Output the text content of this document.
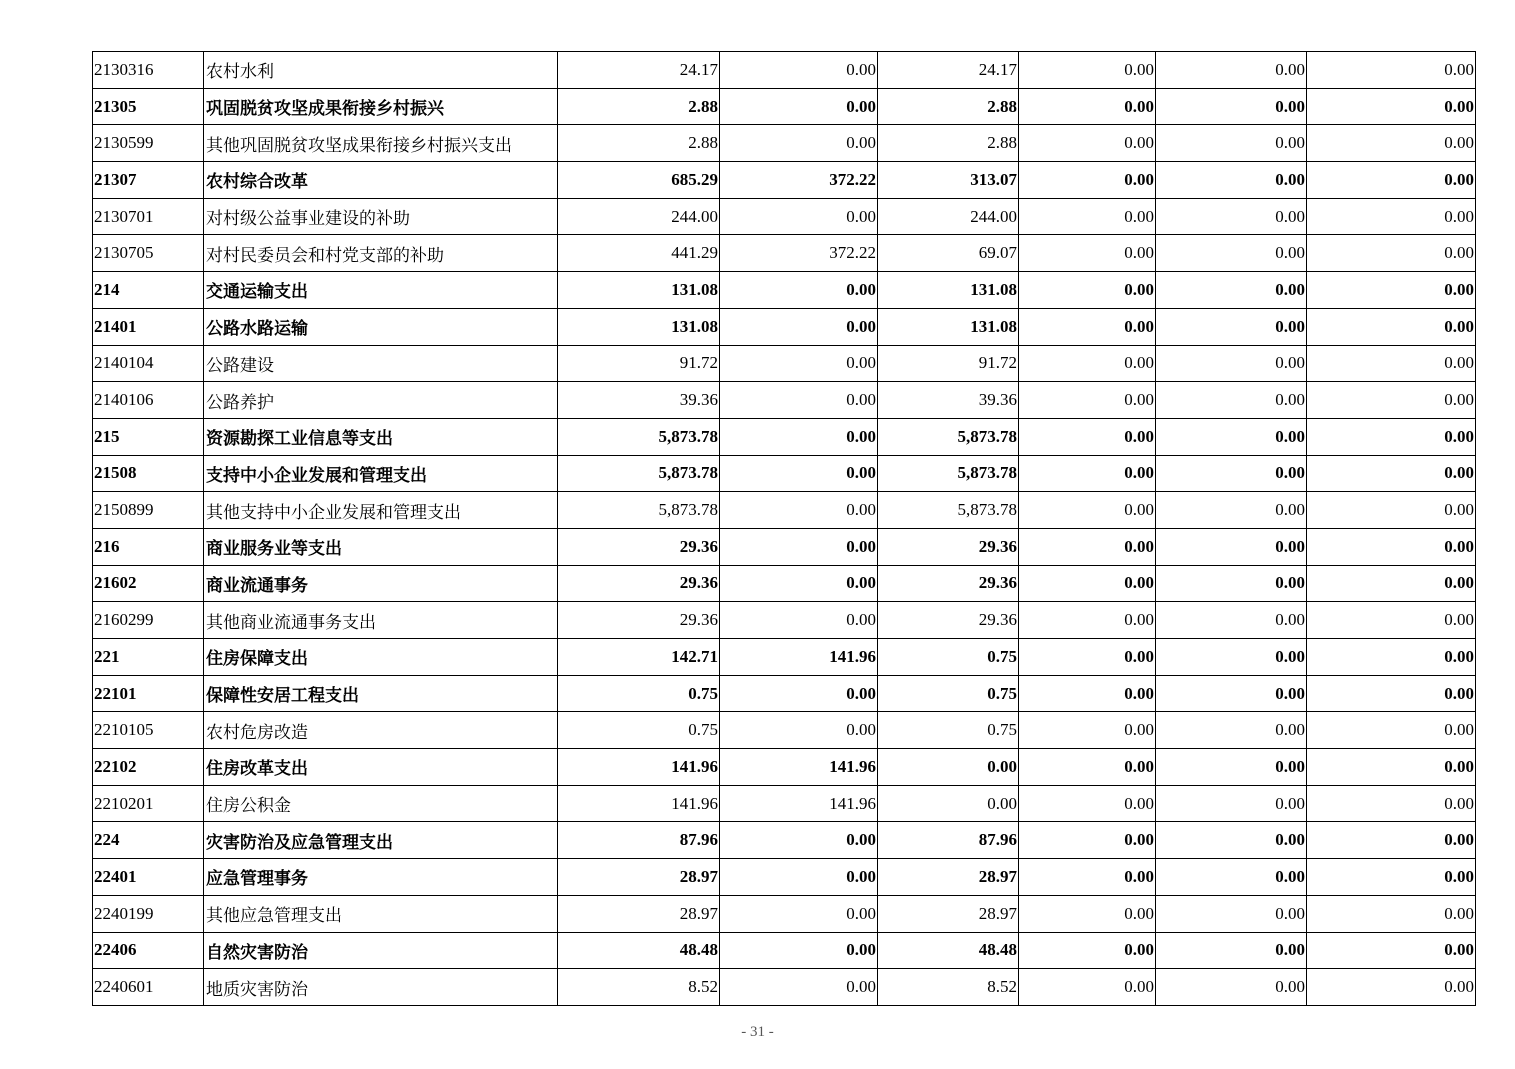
2130316	农村水利	24.17	0.00	24.17	0.00	0.00	0.00
21305	巩固脱贫攻坚成果衔接乡村振兴	2.88	0.00	2.88	0.00	0.00	0.00
2130599	其他巩固脱贫攻坚成果衔接乡村振兴支出	2.88	0.00	2.88	0.00	0.00	0.00
21307	农村综合改革	685.29	372.22	313.07	0.00	0.00	0.00
2130701	对村级公益事业建设的补助	244.00	0.00	244.00	0.00	0.00	0.00
2130705	对村民委员会和村党支部的补助	441.29	372.22	69.07	0.00	0.00	0.00
214	交通运输支出	131.08	0.00	131.08	0.00	0.00	0.00
21401	公路水路运输	131.08	0.00	131.08	0.00	0.00	0.00
2140104	公路建设	91.72	0.00	91.72	0.00	0.00	0.00
2140106	公路养护	39.36	0.00	39.36	0.00	0.00	0.00
215	资源勘探工业信息等支出	5,873.78	0.00	5,873.78	0.00	0.00	0.00
21508	支持中小企业发展和管理支出	5,873.78	0.00	5,873.78	0.00	0.00	0.00
2150899	其他支持中小企业发展和管理支出	5,873.78	0.00	5,873.78	0.00	0.00	0.00
216	商业服务业等支出	29.36	0.00	29.36	0.00	0.00	0.00
21602	商业流通事务	29.36	0.00	29.36	0.00	0.00	0.00
2160299	其他商业流通事务支出	29.36	0.00	29.36	0.00	0.00	0.00
221	住房保障支出	142.71	141.96	0.75	0.00	0.00	0.00
22101	保障性安居工程支出	0.75	0.00	0.75	0.00	0.00	0.00
2210105	农村危房改造	0.75	0.00	0.75	0.00	0.00	0.00
22102	住房改革支出	141.96	141.96	0.00	0.00	0.00	0.00
2210201	住房公积金	141.96	141.96	0.00	0.00	0.00	0.00
224	灾害防治及应急管理支出	87.96	0.00	87.96	0.00	0.00	0.00
22401	应急管理事务	28.97	0.00	28.97	0.00	0.00	0.00
2240199	其他应急管理支出	28.97	0.00	28.97	0.00	0.00	0.00
22406	自然灾害防治	48.48	0.00	48.48	0.00	0.00	0.00
2240601	地质灾害防治	8.52	0.00	8.52	0.00	0.00	0.00
- 31 -
